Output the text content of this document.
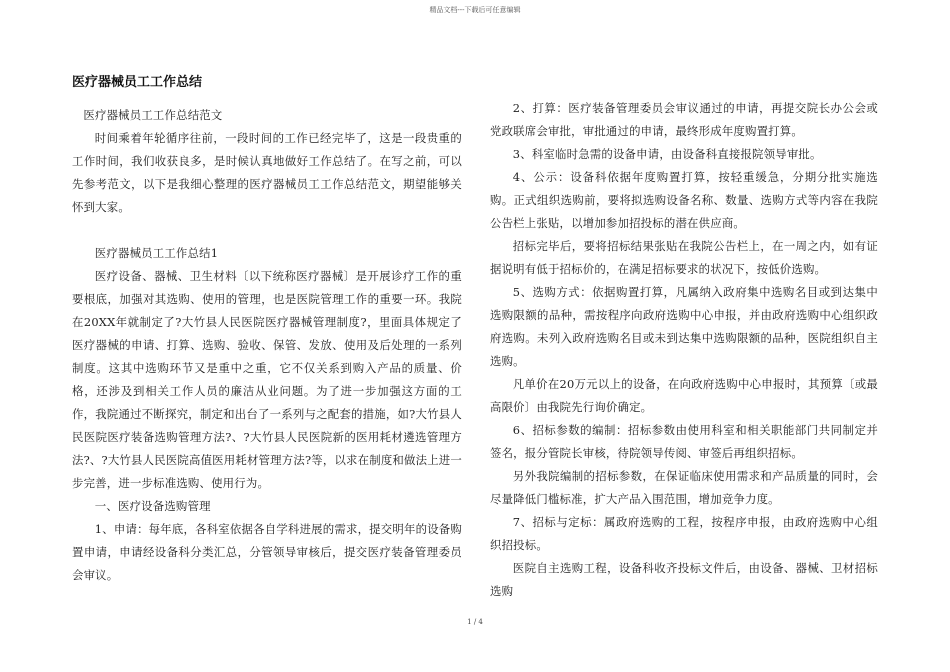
精品文档---下载后可任意编辑
医疗器械员工工作总结

医疗器械员工工作总结范文

时间乘着年轮循序往前，一段时间的工作已经完毕了，这是一段贵重的工作时间，我们收获良多，是时候认真地做好工作总结了。在写之前，可以先参考范文，以下是我细心整理的医疗器械员工工作总结范文，期望能够关怀到大家。

医疗器械员工工作总结1

医疗设备、器械、卫生材料〔以下统称医疗器械〕是开展诊疗工作的重要根底，加强对其选购、使用的管理，也是医院管理工作的重要一环。我院在20XX年就制定了?大竹县人民医院医疗器械管理制度?，里面具体规定了医疗器械的申请、打算、选购、验收、保管、发放、使用及后处理的一系列制度。这其中选购环节又是重中之重，它不仅关系到购入产品的质量、价格，还涉及到相关工作人员的廉洁从业问题。为了进一步加强这方面的工作，我院通过不断探究，制定和出台了一系列与之配套的措施，如?大竹县人民医院医疗装备选购管理方法?、?大竹县人民医院新的医用耗材遴选管理方法?、?大竹县人民医院高值医用耗材管理方法?等，以求在制度和做法上进一步完善，进一步标准选购、使用行为。

一、医疗设备选购管理

1、申请：每年底，各科室依据各自学科进展的需求，提交明年的设备购置申请，申请经设备科分类汇总，分管领导审核后，提交医疗装备管理委员会审议。

2、打算：医疗装备管理委员会审议通过的申请，再提交院长办公会或党政联席会审批，审批通过的申请，最终形成年度购置打算。

3、科室临时急需的设备申请，由设备科直接报院领导审批。

4、公示：设备科依据年度购置打算，按轻重缓急，分期分批实施选购。正式组织选购前，要将拟选购设备名称、数量、选购方式等内容在我院公告栏上张贴，以增加参加招投标的潜在供应商。

招标完毕后，要将招标结果张贴在我院公告栏上，在一周之内，如有证据说明有低于招标价的，在满足招标要求的状况下，按低价选购。

5、选购方式：依据购置打算，凡属纳入政府集中选购名目或到达集中选购限额的品种，需按程序向政府选购中心申报，并由政府选购中心组织政府选购。未列入政府选购名目或未到达集中选购限额的品种，医院组织自主选购。

凡单价在20万元以上的设备，在向政府选购中心申报时，其预算〔或最高限价〕由我院先行询价确定。

6、招标参数的编制：招标参数由使用科室和相关职能部门共同制定并签名，报分管院长审核，待院领导传阅、审签后再组织招标。

另外我院编制的招标参数，在保证临床使用需求和产品质量的同时，会尽量降低门槛标准，扩大产品入围范围，增加竞争力度。

7、招标与定标：属政府选购的工程，按程序申报，由政府选购中心组织招投标。

医院自主选购工程，设备科收齐投标文件后，由设备、器械、卫材招标选购

1 / 4
